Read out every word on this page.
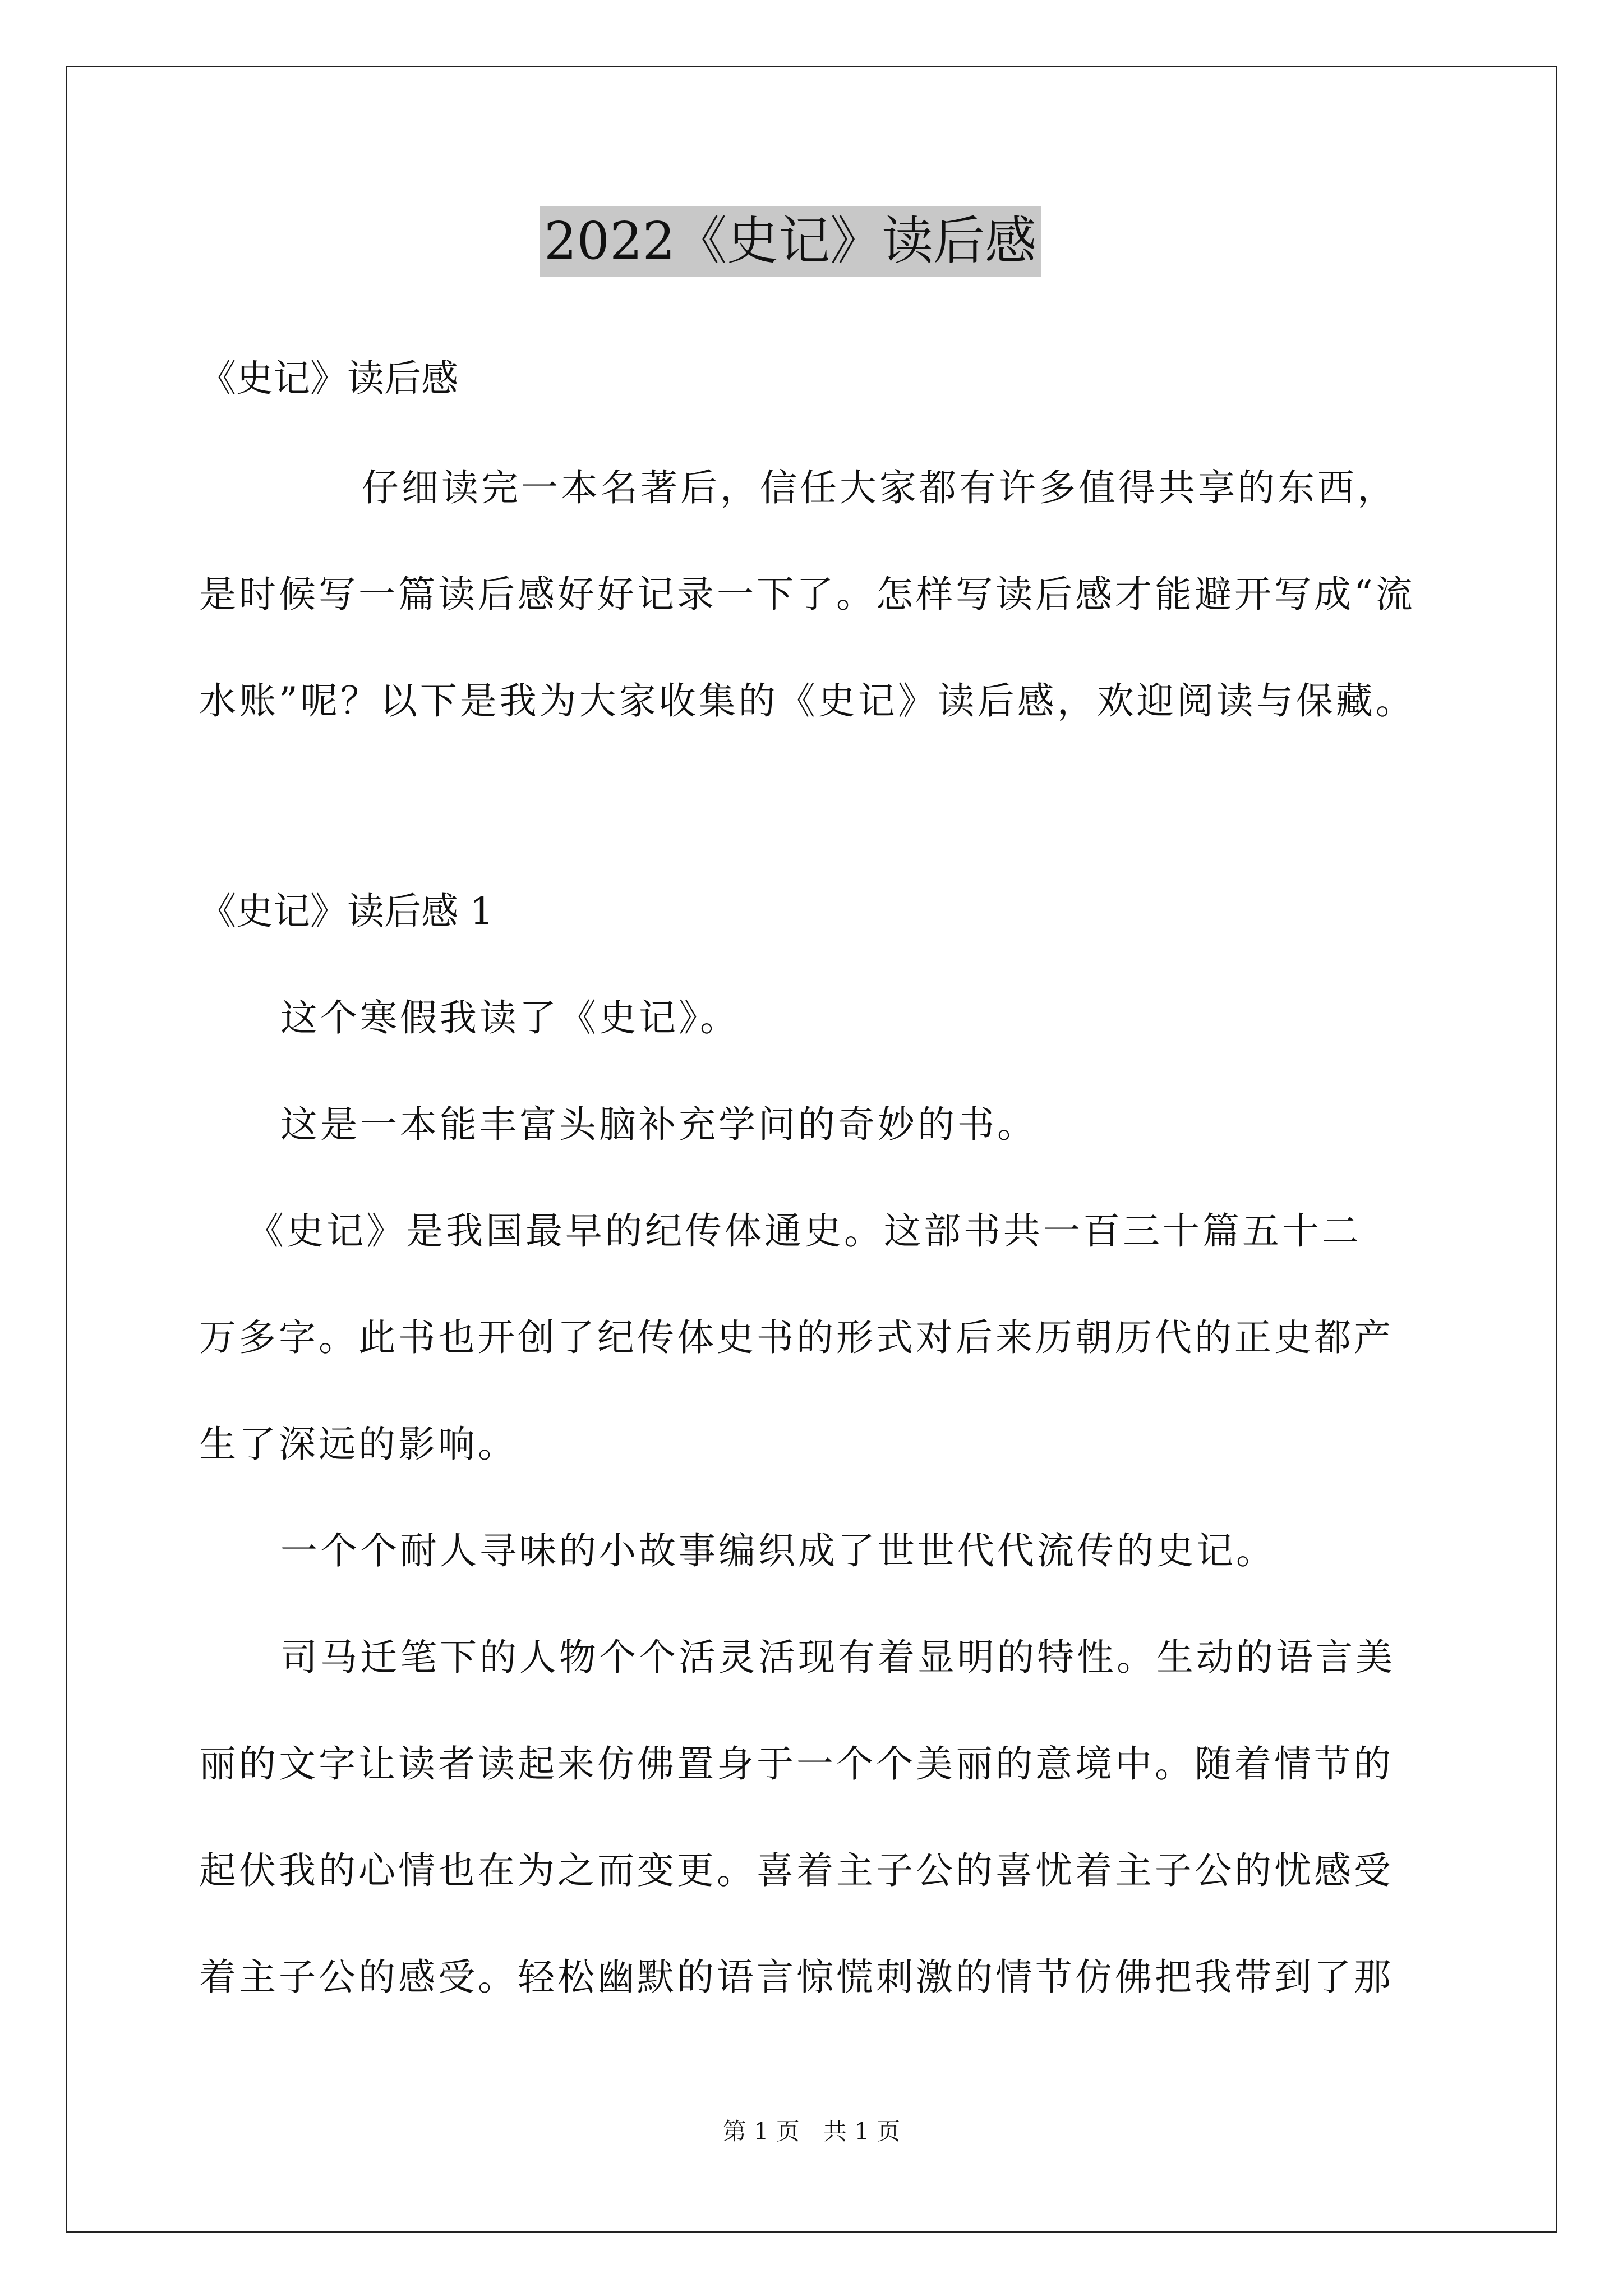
2022《史记》读后感
《史记》读后感
仔细读完一本名著后，信任大家都有许多值得共享的东西，
是时候写一篇读后感好好记录一下了。怎样写读后感才能避开写成“流
水账”呢？以下是我为大家收集的《史记》读后感，欢迎阅读与保藏。
《史记》读后感 1
这个寒假我读了《史记》。
这是一本能丰富头脑补充学问的奇妙的书。
《史记》是我国最早的纪传体通史。这部书共一百三十篇五十二
万多字。此书也开创了纪传体史书的形式对后来历朝历代的正史都产
生了深远的影响。
一个个耐人寻味的小故事编织成了世世代代流传的史记。
司马迁笔下的人物个个活灵活现有着显明的特性。生动的语言美
丽的文字让读者读起来仿佛置身于一个个美丽的意境中。随着情节的
起伏我的心情也在为之而变更。喜着主子公的喜忧着主子公的忧感受
着主子公的感受。轻松幽默的语言惊慌刺激的情节仿佛把我带到了那
第 1 页　共 1 页
